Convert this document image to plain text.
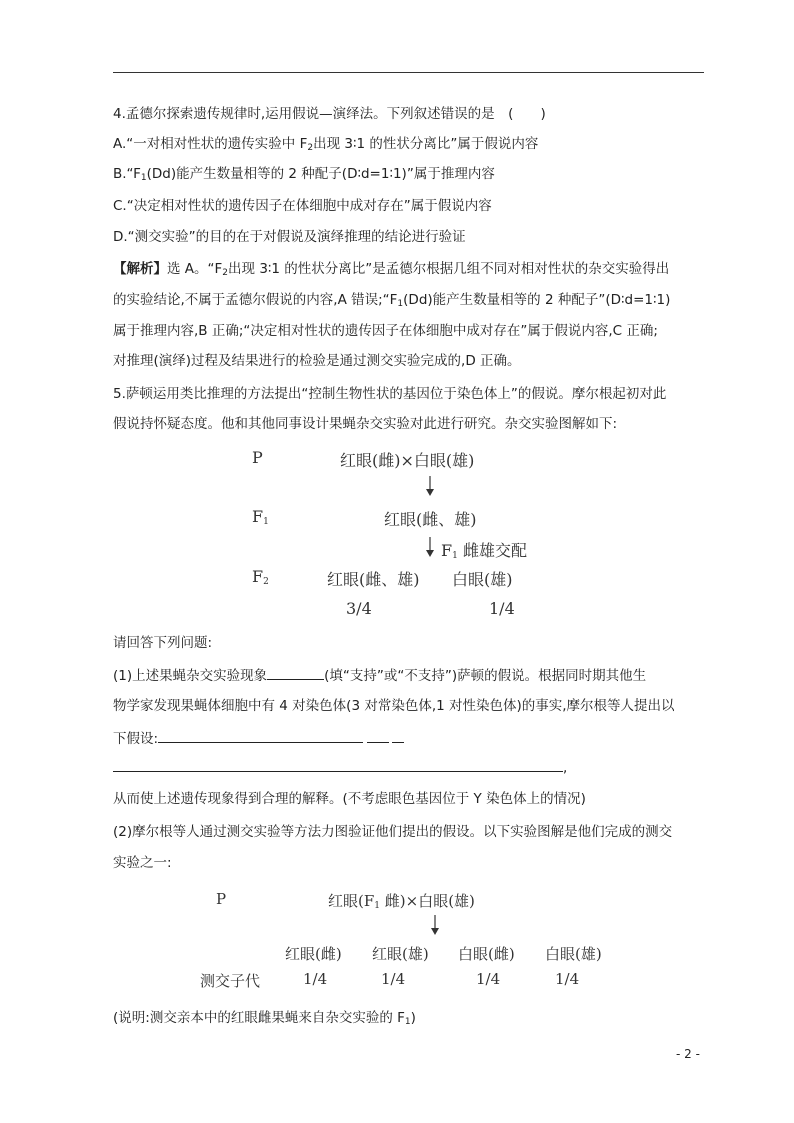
4.孟德尔探索遗传规律时,运用假说—演绎法。下列叙述错误的是　(　　)
A.“一对相对性状的遗传实验中 $F_2$出现 3∶1 的性状分离比”属于假说内容
$B.“F_1(Dd)$能产生数量相等的 2 种配子(D∶d=1∶1)”属于推理内容
C.“决定相对性状的遗传因子在体细胞中成对存在”属于假说内容
D.“测交实验”的目的在于对假说及演绎推理的结论进行验证
【解析】选 A。“$F_2$出现 3∶1 的性状分离比”是孟德尔根据几组不同对相对性状的杂交实验得出
的实验结论,不属于孟德尔假说的内容,A 错误$;“F_1(Dd)$能产生数量相等的 2 种配子”(D∶d=1∶1)
属于推理内容,B 正确;“决定相对性状的遗传因子在体细胞中成对存在”属于假说内容,C 正确;
对推理(演绎)过程及结果进行的检验是通过测交实验完成的,D 正确。
5.萨顿运用类比推理的方法提出“控制生物性状的基因位于染色体上”的假说。摩尔根起初对此
假说持怀疑态度。他和其他同事设计果蝇杂交实验对此进行研究。杂交实验图解如下:
P	红眼(雌)×白眼(雄)
$F_1$	红眼(雌、雄)
$F_1$ 雌雄交配
$F_2$	红眼(雌、雄) 白眼(雄)
3/4	1/4
请回答下列问题:
(1)上述果蝇杂交实验现象	(填“支持”或“不支持”)萨顿的假说。根据同时期其他生
物学家发现果蝇体细胞中有 4 对染色体(3 对常染色体,1 对性染色体)的事实,摩尔根等人提出以
下假设:
,
从而使上述遗传现象得到合理的解释。(不考虑眼色基因位于 Y 染色体上的情况)
(2)摩尔根等人通过测交实验等方法力图验证他们提出的假设。以下实验图解是他们完成的测交
实验之一:
P	红眼($F_1$ 雌)×白眼(雄)
红眼(雌) 红眼(雄) 白眼(雌) 白眼(雄)
测交子代	1/4	1/4	1/4	1/4
(说明:测交亲本中的红眼雌果蝇来自杂交实验的 $F_1$)
- 2 -
